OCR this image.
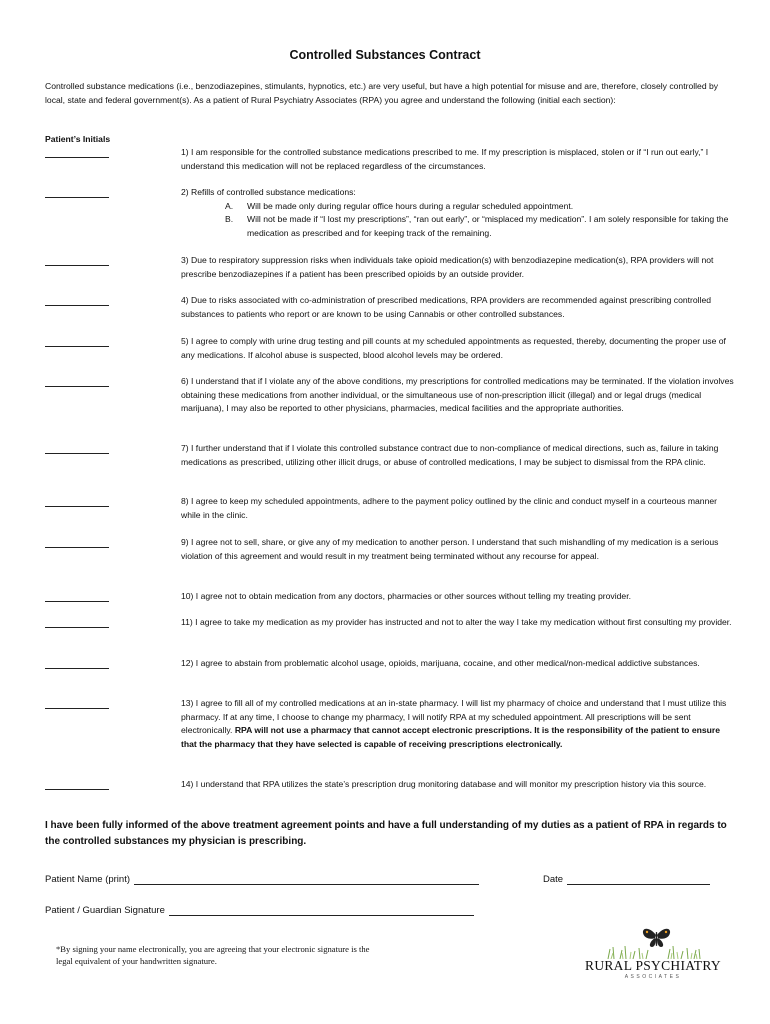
Controlled Substances Contract
Controlled substance medications (i.e., benzodiazepines, stimulants, hypnotics, etc.) are very useful, but have a high potential for misuse and are, therefore, closely controlled by local, state and federal government(s). As a patient of Rural Psychiatry Associates (RPA) you agree and understand the following (initial each section):
Patient’s Initials
1) I am responsible for the controlled substance medications prescribed to me. If my prescription is misplaced, stolen or if “I run out early,” I understand this medication will not be replaced regardless of the circumstances.
2) Refills of controlled substance medications:
A.	Will be made only during regular office hours during a regular scheduled appointment.
B.	Will not be made if “I lost my prescriptions”, “ran out early”, or “misplaced my medication”. I am solely responsible for taking the medication as prescribed and for keeping track of the remaining.
3) Due to respiratory suppression risks when individuals take opioid medication(s) with benzodiazepine medication(s), RPA providers will not prescribe benzodiazepines if a patient has been prescribed opioids by an outside provider.
4) Due to risks associated with co-administration of prescribed medications, RPA providers are recommended against prescribing controlled substances to patients who report or are known to be using Cannabis or other controlled substances.
5) I agree to comply with urine drug testing and pill counts at my scheduled appointments as requested, thereby, documenting the proper use of any medications. If alcohol abuse is suspected, blood alcohol levels may be ordered.
6) I understand that if I violate any of the above conditions, my prescriptions for controlled medications may be terminated. If the violation involves obtaining these medications from another individual, or the simultaneous use of non-prescription illicit (illegal) and or legal drugs (medical marijuana), I may also be reported to other physicians, pharmacies, medical facilities and the appropriate authorities.
7) I further understand that if I violate this controlled substance contract due to non-compliance of medical directions, such as, failure in taking medications as prescribed, utilizing other illicit drugs, or abuse of controlled medications, I may be subject to dismissal from the RPA clinic.
8) I agree to keep my scheduled appointments, adhere to the payment policy outlined by the clinic and conduct myself in a courteous manner while in the clinic.
9) I agree not to sell, share, or give any of my medication to another person. I understand that such mishandling of my medication is a serious violation of this agreement and would result in my treatment being terminated without any recourse for appeal.
10) I agree not to obtain medication from any doctors, pharmacies or other sources without telling my treating provider.
11) I agree to take my medication as my provider has instructed and not to alter the way I take my medication without first consulting my provider.
12) I agree to abstain from problematic alcohol usage, opioids, marijuana, cocaine, and other medical/non-medical addictive substances.
13) I agree to fill all of my controlled medications at an in-state pharmacy. I will list my pharmacy of choice and understand that I must utilize this pharmacy. If at any time, I choose to change my pharmacy, I will notify RPA at my scheduled appointment. All prescriptions will be sent electronically. RPA will not use a pharmacy that cannot accept electronic prescriptions. It is the responsibility of the patient to ensure that the pharmacy that they have selected is capable of receiving prescriptions electronically.
14) I understand that RPA utilizes the state’s prescription drug monitoring database and will monitor my prescription history via this source.
I have been fully informed of the above treatment agreement points and have a full understanding of my duties as a patient of RPA in regards to the controlled substances my physician is prescribing.
Patient Name (print)	Date
Patient / Guardian Signature
*By signing your name electronically, you are agreeing that your electronic signature is the legal equivalent of your handwritten signature.	RURAL PSYCHIATRY
ASSOCIATES
